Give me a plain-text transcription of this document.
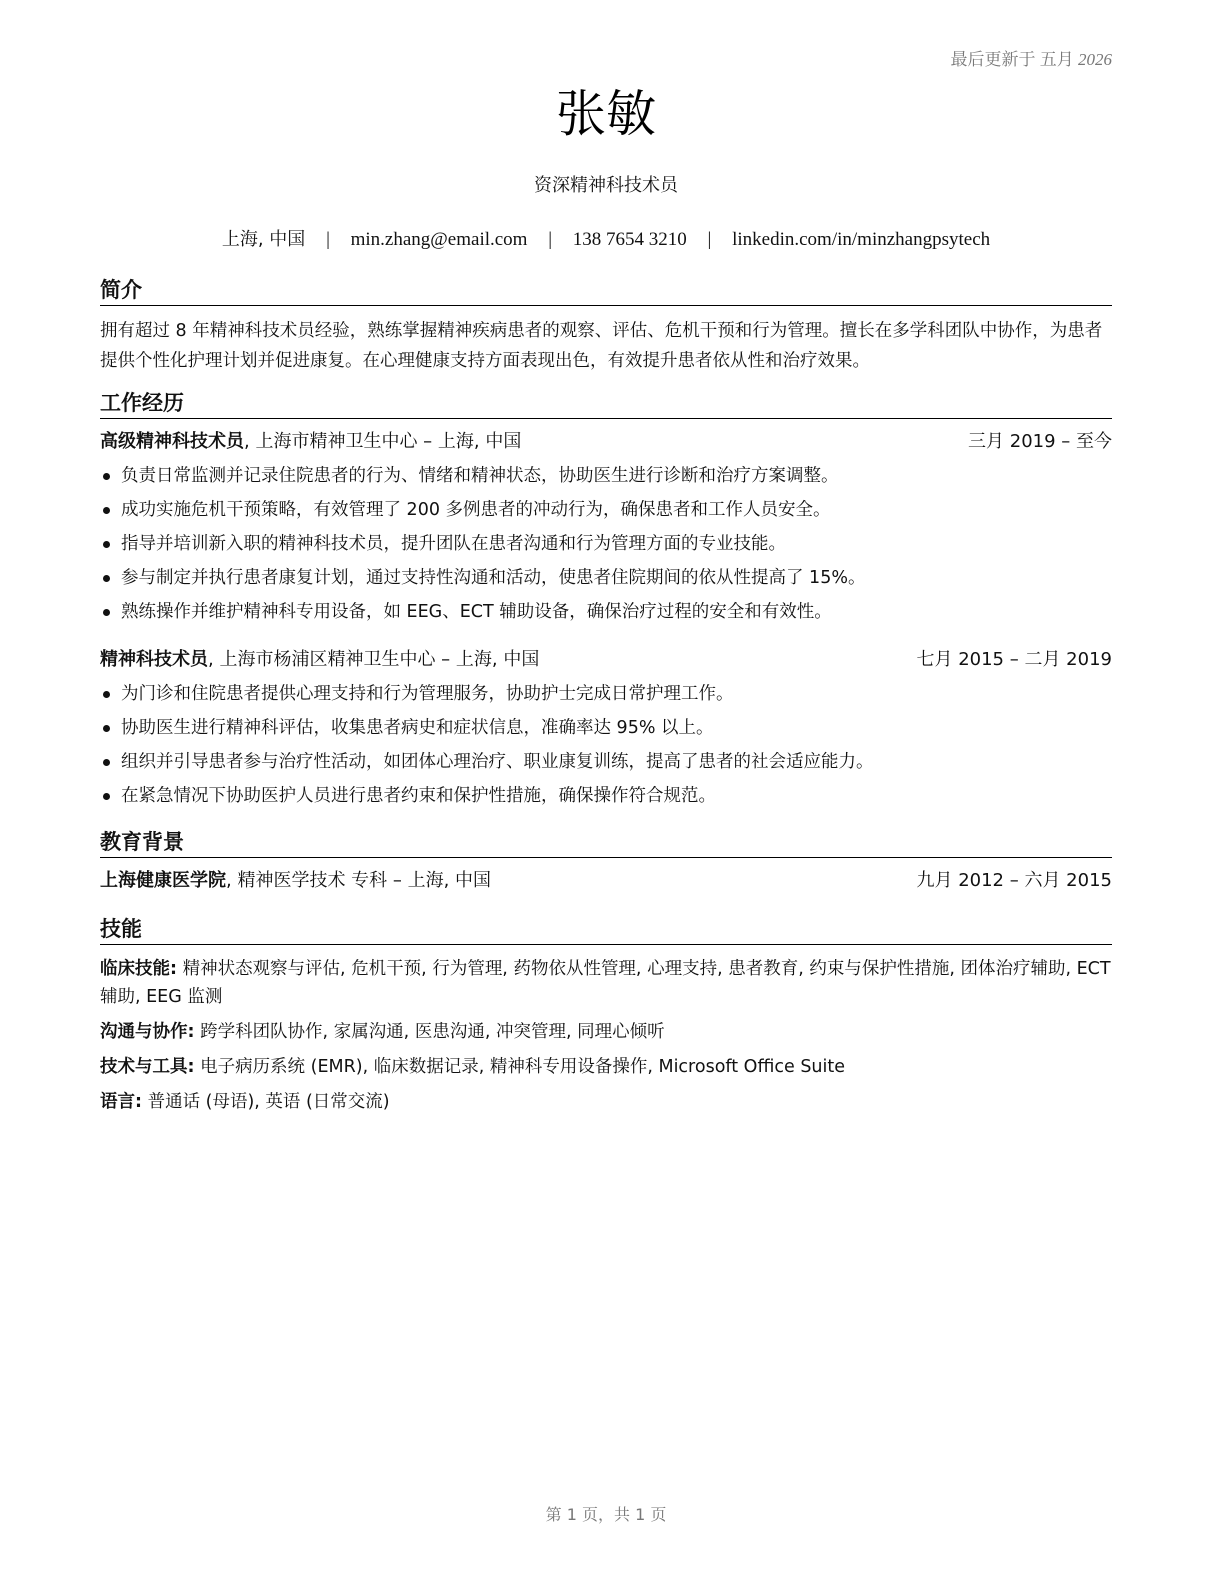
最后更新于 五月 2026
张敏
资深精神科技术员
上海, 中国 | min.zhang@email.com | 138 7654 3210 | linkedin.com/in/minzhangpsytech
简介

拥有超过 8 年精神科技术员经验，熟练掌握精神疾病患者的观察、评估、危机干预和行为管理。擅长在多学科团队中协作，为患者提供个性化护理计划并促进康复。在心理健康支持方面表现出色，有效提升患者依从性和治疗效果。

工作经历
高级精神科技术员, 上海市精神卫生中心 – 上海, 中国	三月 2019 – 至今
负责日常监测并记录住院患者的行为、情绪和精神状态，协助医生进行诊断和治疗方案调整。
成功实施危机干预策略，有效管理了 200 多例患者的冲动行为，确保患者和工作人员安全。
指导并培训新入职的精神科技术员，提升团队在患者沟通和行为管理方面的专业技能。
参与制定并执行患者康复计划，通过支持性沟通和活动，使患者住院期间的依从性提高了 15%。
熟练操作并维护精神科专用设备，如 EEG、ECT 辅助设备，确保治疗过程的安全和有效性。
精神科技术员, 上海市杨浦区精神卫生中心 – 上海, 中国	七月 2015 – 二月 2019
为门诊和住院患者提供心理支持和行为管理服务，协助护士完成日常护理工作。
协助医生进行精神科评估，收集患者病史和症状信息，准确率达 95% 以上。
组织并引导患者参与治疗性活动，如团体心理治疗、职业康复训练，提高了患者的社会适应能力。
在紧急情况下协助医护人员进行患者约束和保护性措施，确保操作符合规范。
教育背景
上海健康医学院, 精神医学技术 专科 – 上海, 中国	九月 2012 – 六月 2015
技能

临床技能: 精神状态观察与评估, 危机干预, 行为管理, 药物依从性管理, 心理支持, 患者教育, 约束与保护性措施, 团体治疗辅助, ECT 辅助, EEG 监测

沟通与协作: 跨学科团队协作, 家属沟通, 医患沟通, 冲突管理, 同理心倾听

技术与工具: 电子病历系统 (EMR), 临床数据记录, 精神科专用设备操作, Microsoft Office Suite

语言: 普通话 (母语), 英语 (日常交流)

第 1 页，共 1 页
